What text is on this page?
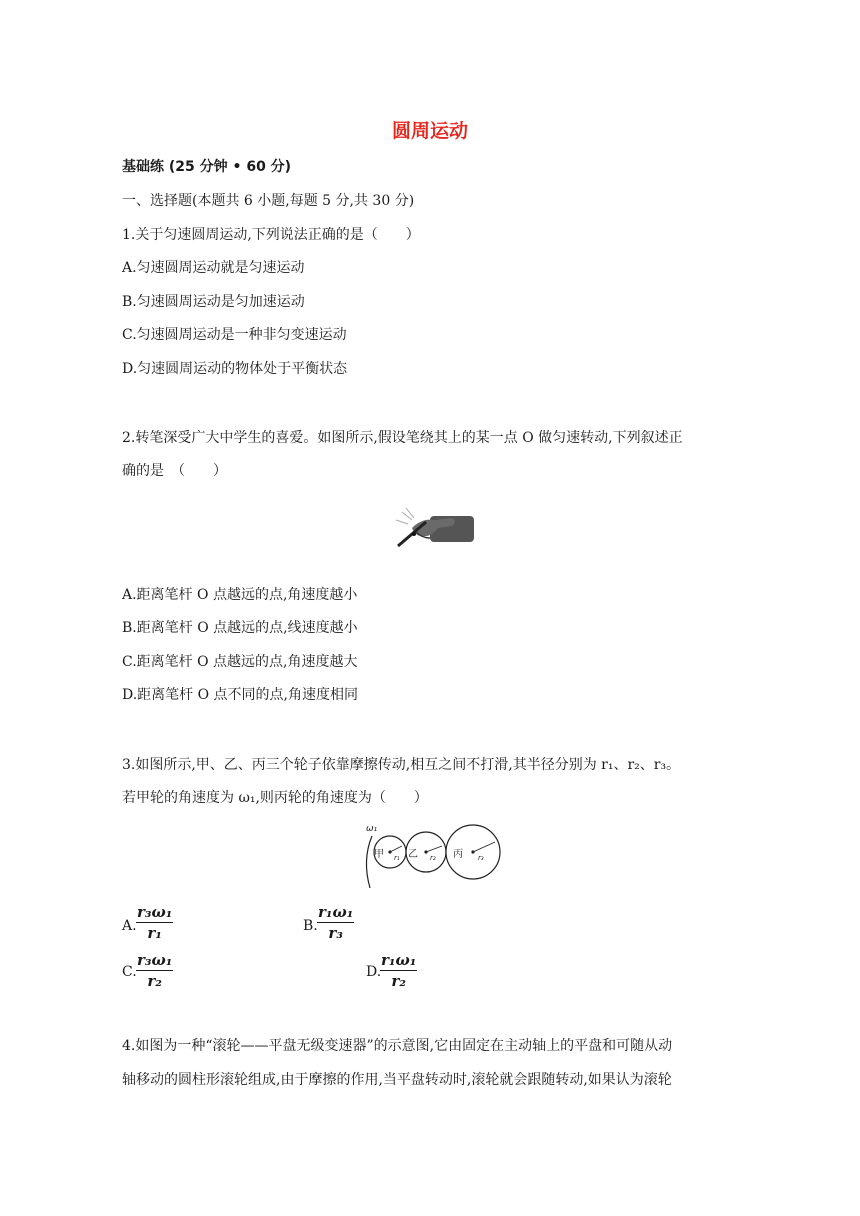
圆周运动
基础练 (25 分钟 • 60 分)
一、选择题(本题共 6 小题,每题 5 分,共 30 分)
1.关于匀速圆周运动,下列说法正确的是（　　）
A.匀速圆周运动就是匀速运动
B.匀速圆周运动是匀加速运动
C.匀速圆周运动是一种非匀变速运动
D.匀速圆周运动的物体处于平衡状态
2.转笔深受广大中学生的喜爱。如图所示,假设笔绕其上的某一点 O 做匀速转动,下列叙述正
确的是　（　　）
A.距离笔杆 O 点越远的点,角速度越小
B.距离笔杆 O 点越远的点,线速度越小
C.距离笔杆 O 点越远的点,角速度越大
D.距离笔杆 O 点不同的点,角速度相同
3.如图所示,甲、乙、丙三个轮子依靠摩擦传动,相互之间不打滑,其半径分别为 r₁、r₂、r₃。
若甲轮的角速度为 ω₁,则丙轮的角速度为（　　）
ω₁
甲 乙	丙
r₁	r₂	r₃
A. $\frac{\text{r₃ω₁}}{\text{r₁}}$	B. $\frac{\text{r₁ω₁}}{\text{r₃}}$
C. $\frac{\text{r₃ω₁}}{\text{r₂}}$	D.
$\frac{\text{r₁ω₁}}{\text{r₂}}$
4.如图为一种“滚轮——平盘无级变速器”的示意图,它由固定在主动轴上的平盘和可随从动
轴移动的圆柱形滚轮组成,由于摩擦的作用,当平盘转动时,滚轮就会跟随转动,如果认为滚轮
